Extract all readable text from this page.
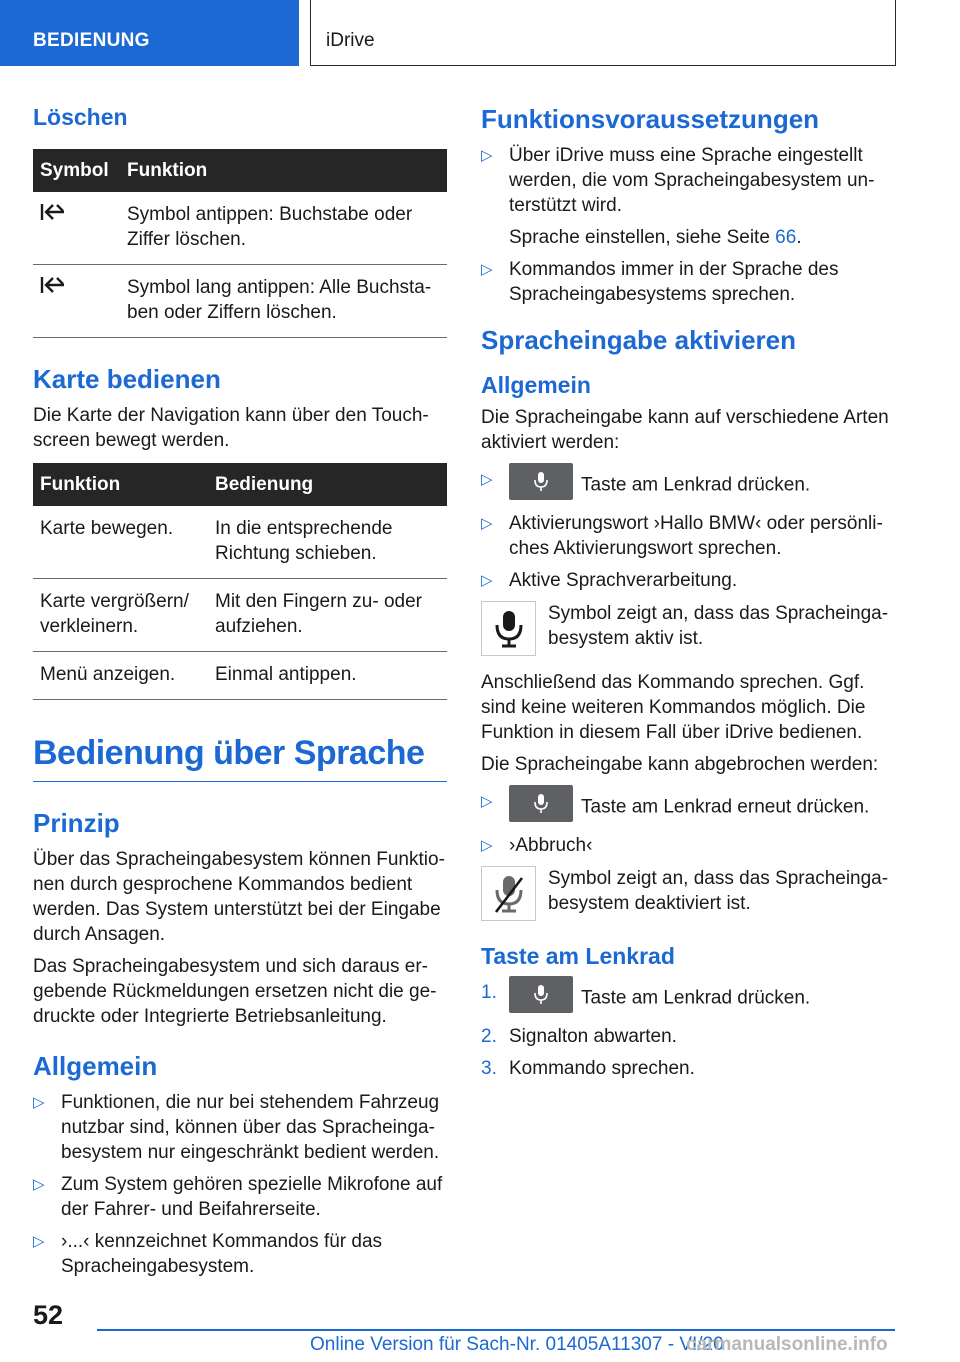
BEDIENUNG	iDrive
Löschen
Symbol	Funktion
	Symbol antippen: Buchstabe oder Ziffer löschen.
	Symbol lang antippen: Alle Buchsta-ben oder Ziffern löschen.
Karte bedienen

Die Karte der Navigation kann über den Touch-screen bewegt werden.

Funktion	Bedienung
Karte bewegen.	In die entsprechende Richtung schieben.
Karte vergrößern/ verkleinern.	Mit den Fingern zu- oder aufziehen.
Menü anzeigen.	Einmal antippen.
Bedienung über Sprache
Prinzip

Über das Spracheingabesystem können Funktio-nen durch gesprochene Kommandos bedient werden. Das System unterstützt bei der Eingabe durch Ansagen.

Das Spracheingabesystem und sich daraus er-gebende Rückmeldungen ersetzen nicht die ge-druckte oder Integrierte Betriebsanleitung.

Allgemein
▷ Funktionen, die nur bei stehendem Fahrzeug nutzbar sind, können über das Spracheinga-besystem nur eingeschränkt bedient werden.
▷ Zum System gehören spezielle Mikrofone auf der Fahrer- und Beifahrerseite.
▷ ›...‹ kennzeichnet Kommandos für das Spracheingabesystem.
Funktionsvoraussetzungen
▷ Über iDrive muss eine Sprache eingestellt werden, die vom Spracheingabesystem un-terstützt wird.
Sprache einstellen, siehe Seite 66.
▷ Kommandos immer in der Sprache des Spracheingabesystems sprechen.
Spracheingabe aktivieren
Allgemein

Die Spracheingabe kann auf verschiedene Arten aktiviert werden:

▷	Taste am Lenkrad drücken.
▷ Aktivierungswort ›Hallo BMW‹ oder persönli-ches Aktivierungswort sprechen.
▷ Aktive Sprachverarbeitung.

Symbol zeigt an, dass das Spracheinga-besystem aktiv ist.

Anschließend das Kommando sprechen. Ggf. sind keine weiteren Kommandos möglich. Die Funktion in diesem Fall über iDrive bedienen.

Die Spracheingabe kann abgebrochen werden:

▷	Taste am Lenkrad erneut drücken.
▷ ›Abbruch‹

Symbol zeigt an, dass das Spracheinga-besystem deaktiviert ist.

Taste am Lenkrad
1.	Taste am Lenkrad drücken.
2. Signalton abwarten.
3. Kommando sprechen.
52
Online Version für Sach-Nr. 01405A11307 - VI/20
carmanualsonline.info
